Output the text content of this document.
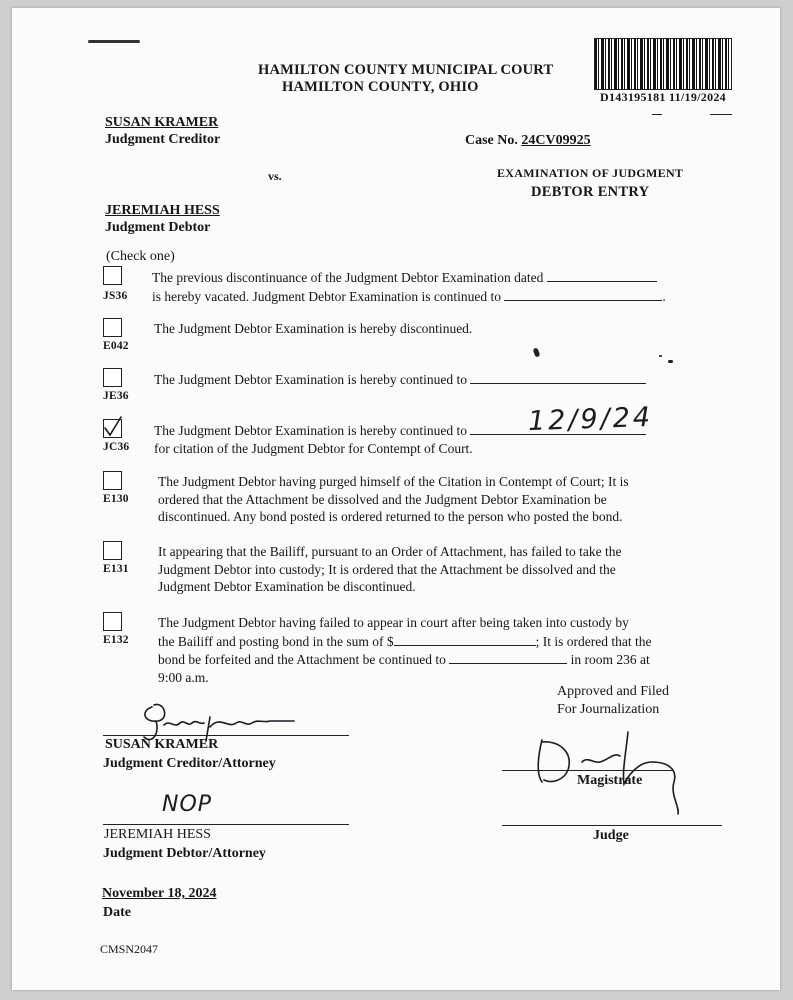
D143195181 11/19/2024
HAMILTON COUNTY MUNICIPAL COURT
HAMILTON COUNTY, OHIO
SUSAN KRAMER
Judgment Creditor
vs.
JEREMIAH HESS
Judgment Debtor
Case No. 24CV09925
EXAMINATION OF JUDGMENT
DEBTOR ENTRY
(Check one)
JS36
The previous discontinuance of the Judgment Debtor Examination dated
is hereby vacated. Judgment Debtor Examination is continued to	.
E042
The Judgment Debtor Examination is hereby discontinued.
JE36
The Judgment Debtor Examination is hereby continued to
JC36
The Judgment Debtor Examination is hereby continued to
for citation of the Judgment Debtor for Contempt of Court.
12/9/24
E130
The Judgment Debtor having purged himself of the Citation in Contempt of Court; It is
ordered that the Attachment be dissolved and the Judgment Debtor Examination be
discontinued. Any bond posted is ordered returned to the person who posted the bond.
E131
It appearing that the Bailiff, pursuant to an Order of Attachment, has failed to take the
Judgment Debtor into custody; It is ordered that the Attachment be dissolved and the
Judgment Debtor Examination be discontinued.
E132
The Judgment Debtor having failed to appear in court after being taken into custody by
the Bailiff and posting bond in the sum of $	; It is ordered that the
bond be forfeited and the Attachment be continued to	in room 236 at
9:00 a.m.
Approved and Filed
For Journalization
SUSAN KRAMER
Judgment Creditor/Attorney
Magistrate
NOP
JEREMIAH HESS
Judgment Debtor/Attorney
Judge
November 18, 2024
Date
CMSN2047
